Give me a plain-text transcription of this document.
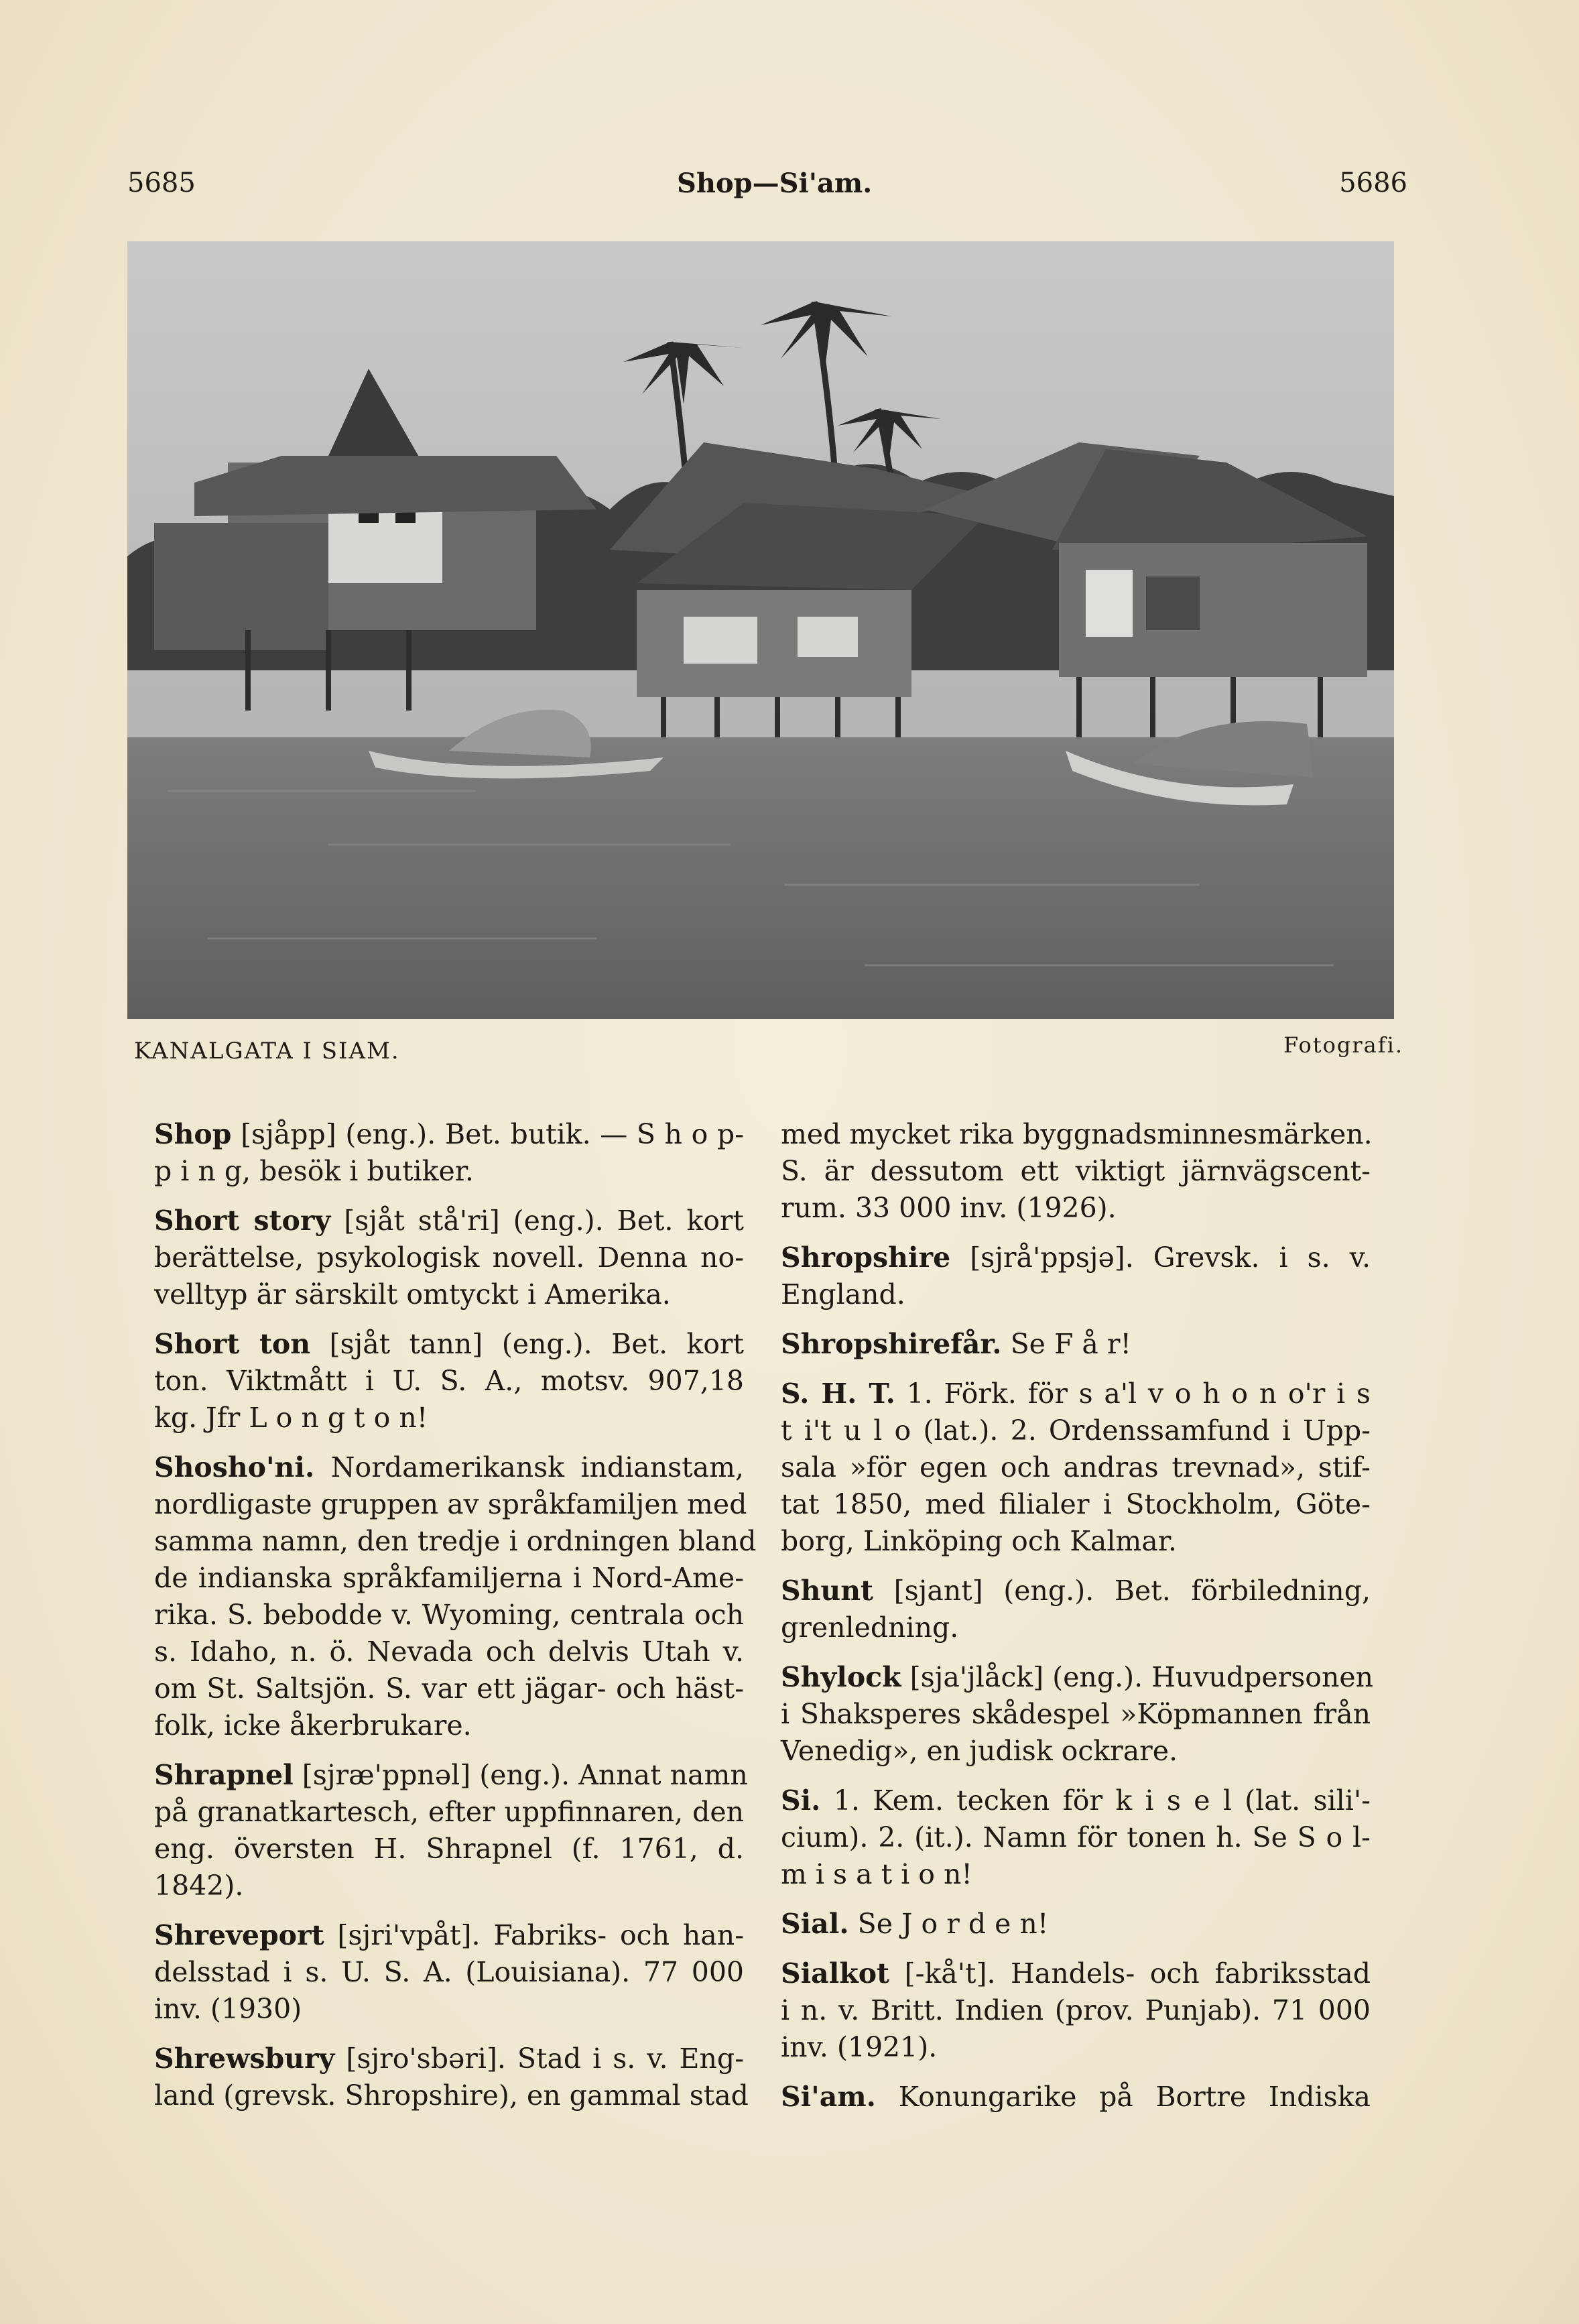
5685	Shop—Si'am.	5686
KANALGATA I SIAM.	Fotografi.
Shop [sjåpp] (eng.). Bet. butik. — S h o p-
p i n g, besök i butiker.
Short story [sjåt stå'ri] (eng.). Bet. kort
berättelse, psykologisk novell. Denna no-
velltyp är särskilt omtyckt i Amerika.
Short ton [sjåt tann] (eng.). Bet. kort
ton. Viktmått i U. S. A., motsv. 907,18
kg. Jfr L o n g t o n!
Shosho'ni. Nordamerikansk indianstam,
nordligaste gruppen av språkfamiljen med
samma namn, den tredje i ordningen bland
de indianska språkfamiljerna i Nord-Ame-
rika. S. bebodde v. Wyoming, centrala och
s. Idaho, n. ö. Nevada och delvis Utah v.
om St. Saltsjön. S. var ett jägar- och häst-
folk, icke åkerbrukare.
Shrapnel [sjræ'ppnəl] (eng.). Annat namn
på granatkartesch, efter uppfinnaren, den
eng. översten H. Shrapnel (f. 1761, d.
1842).
Shreveport [sjri'vpåt]. Fabriks- och han-
delsstad i s. U. S. A. (Louisiana). 77 000
inv. (1930)
Shrewsbury [sjro'sbəri]. Stad i s. v. Eng-
land (grevsk. Shropshire), en gammal stad
med mycket rika byggnadsminnesmärken.
S. är dessutom ett viktigt järnvägscent-
rum. 33 000 inv. (1926).
Shropshire [sjrå'ppsjə]. Grevsk. i s. v.
England.
Shropshirefår. Se F å r!
S. H. T. 1. Förk. för s a'l v o h o n o'r i s
t i't u l o (lat.). 2. Ordenssamfund i Upp-
sala »för egen och andras trevnad», stif-
tat 1850, med filialer i Stockholm, Göte-
borg, Linköping och Kalmar.
Shunt [sjant] (eng.). Bet. förbiledning,
grenledning.
Shylock [sja'jlåck] (eng.). Huvudpersonen
i Shaksperes skådespel »Köpmannen från
Venedig», en judisk ockrare.
Si. 1. Kem. tecken för k i s e l (lat. sili'-
cium). 2. (it.). Namn för tonen h. Se S o l-
m i s a t i o n!
Sial. Se J o r d e n!
Sialkot [-kå't]. Handels- och fabriksstad
i n. v. Britt. Indien (prov. Punjab). 71 000
inv. (1921).
Si'am. Konungarike på Bortre Indiska
